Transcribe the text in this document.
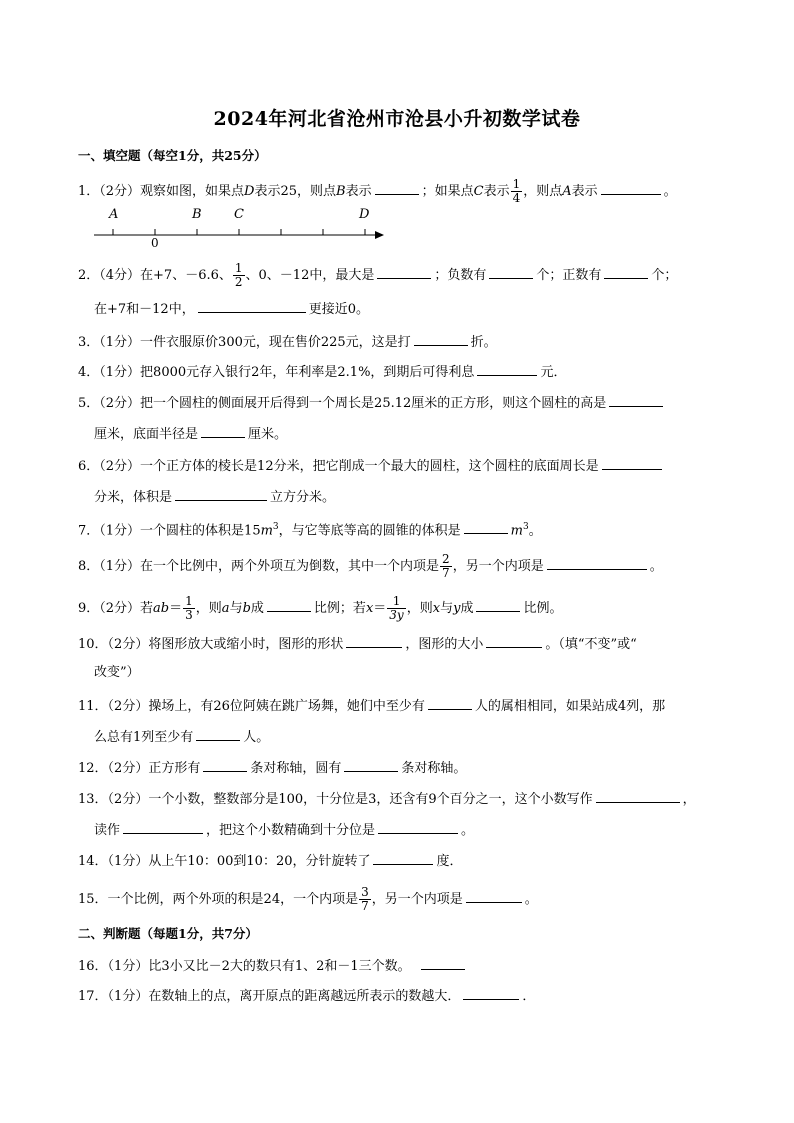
2024年河北省沧州市沧县小升初数学试卷
一、填空题（每空1分，共25分）
1．（2分）观察如图，如果点D表示25，则点B表示	；如果点C表示 $\frac{1}{4}$ ，则点A表示	。
A	B C	D
0
2．（4分）在+7、－6.6、 $\frac{1}{2}$ 、0、－12中，最大是	；负数有	个；正数有	个；
在+7和－12中，	更接近0。
3．（1分）一件衣服原价300元，现在售价225元，这是打	折。
4．（1分）把8000元存入银行2年，年利率是2.1%，到期后可得利息	元．
5．（2分）把一个圆柱的侧面展开后得到一个周长是25.12厘米的正方形，则这个圆柱的高是
厘米，底面半径是	厘米。
6．（2分）一个正方体的棱长是12分米，把它削成一个最大的圆柱，这个圆柱的底面周长是
分米，体积是	立方分米。
7．（1分）一个圆柱的体积是$15m^3$，与它等底等高的圆锥的体积是	$m^3$。
8．（1分）在一个比例中，两个外项互为倒数，其中一个内项是 $\frac{2}{7}$ ，另一个内项是	。
9．（2分）若$ab= \frac{1}{3}$ ，则a与b成	比例；若$x= \frac{1}{3y}$ ，则x与y成	比例。
10．（2分）将图形放大或缩小时，图形的形状	，图形的大小	。（填“不变”或“
改变”）
11．（2分）操场上，有26位阿姨在跳广场舞，她们中至少有	人的属相相同，如果站成4列，那
么总有1列至少有	人。
12．（2分）正方形有	条对称轴，圆有	条对称轴。
13．（2分）一个小数，整数部分是100，十分位是3，还含有9个百分之一，这个小数写作	，
读作	，把这个小数精确到十分位是	。
14．（1分）从上午10：00到10：20，分针旋转了	度．
15．一个比例，两个外项的积是24，一个内项是 $\frac{3}{7}$ ，另一个内项是	。
二、判断题（每题1分，共7分）
16．（1分）比3小又比－2大的数只有1、2和－1三个数。
17．（1分）在数轴上的点，离开原点的距离越远所表示的数越大．	．
